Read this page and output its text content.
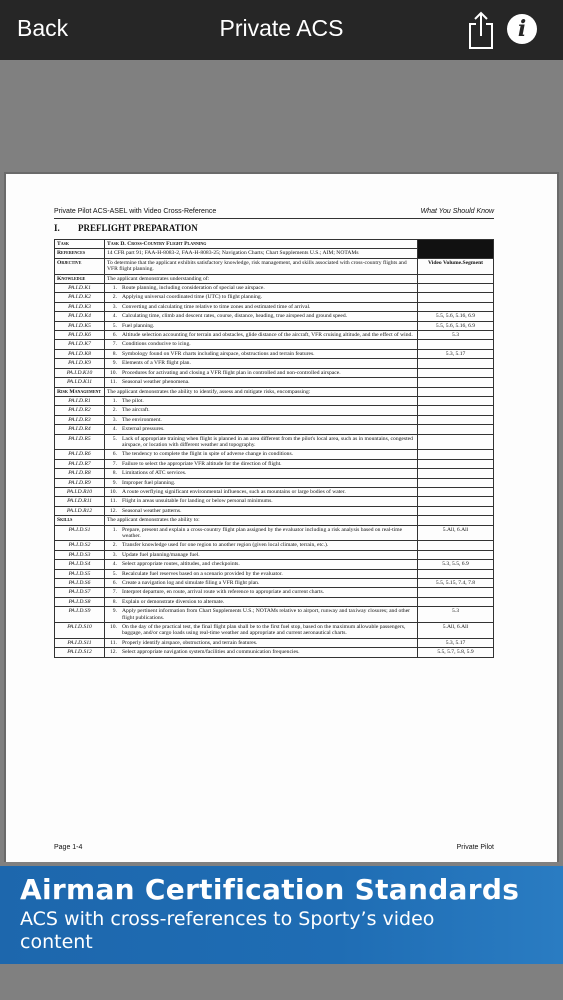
Back	Private ACS	i
Private Pilot ACS-ASEL with Video Cross-Reference	What You Should Know
I. PREFLIGHT PREPARATION
Task	Task D. Cross-Country Flight Planning	
References	14 CFR part 91; FAA-H-8083-2, FAA-H-8083-25; Navigation Charts; Chart Supplements U.S.; AIM; NOTAMs	
Objective	To determine that the applicant exhibits satisfactory knowledge, risk management, and skills associated with cross-country flights and VFR flight planning.	Video Volume.Segment
Knowledge	The applicant demonstrates understanding of:	
PA.I.D.K1	1. Route planning, including consideration of special use airspace.	

PA.I.D.K2	2. Applying universal coordinated time (UTC) to flight planning.	

PA.I.D.K3	3. Converting and calculating time relative to time zones and estimated time of arrival.	

PA.I.D.K4	4. Calculating time, climb and descent rates, course, distance, heading, true airspeed and ground speed.	5.5, 5.6, 5.16, 6.9
PA.I.D.K5	5. Fuel planning.	5.5, 5.6, 5.16, 6.9
PA.I.D.K6	6. Altitude selection accounting for terrain and obstacles, glide distance of the aircraft, VFR cruising altitude, and the effect of wind.	5.3
PA.I.D.K7	7. Conditions conducive to icing.	

PA.I.D.K8	8. Symbology found on VFR charts including airspace, obstructions and terrain features.	5.3, 5.17
PA.I.D.K9	9. Elements of a VFR flight plan.	

PA.I.D.K10	10. Procedures for activating and closing a VFR flight plan in controlled and non-controlled airspace.	

PA.I.D.K11	11. Seasonal weather phenomena.	

Risk Management	The applicant demonstrates the ability to identify, assess and mitigate risks, encompassing:	
PA.I.D.R1	1. The pilot.	

PA.I.D.R2	2. The aircraft.	

PA.I.D.R3	3. The environment.	

PA.I.D.R4	4. External pressures.	

PA.I.D.R5	5. Lack of appropriate training when flight is planned in an area different from the pilot's local area, such as in mountains, congested airspace, or location with different weather and topography.	

PA.I.D.R6	6. The tendency to complete the flight in spite of adverse change in conditions.	

PA.I.D.R7	7. Failure to select the appropriate VFR altitude for the direction of flight.	

PA.I.D.R8	8. Limitations of ATC services.	

PA.I.D.R9	9. Improper fuel planning.	

PA.I.D.R10	10. A route overflying significant environmental influences, such as mountains or large bodies of water.	

PA.I.D.R11	11. Flight in areas unsuitable for landing or below personal minimums.	

PA.I.D.R12	12. Seasonal weather patterns.	

Skills	The applicant demonstrates the ability to:	
PA.I.D.S1	1. Prepare, present and explain a cross-country flight plan assigned by the evaluator including a risk analysis based on real-time weather.	5.All, 6.All
PA.I.D.S2	2. Transfer knowledge used for one region to another region (given local climate, terrain, etc.).	

PA.I.D.S3	3. Update fuel planning/manage fuel.	

PA.I.D.S4	4. Select appropriate routes, altitudes, and checkpoints.	5.3, 5.5, 6.9
PA.I.D.S5	5. Recalculate fuel reserves based on a scenario provided by the evaluator.	

PA.I.D.S6	6. Create a navigation log and simulate filing a VFR flight plan.	5.5, 5.15, 7.4, 7.8
PA.I.D.S7	7. Interpret departure, en route, arrival route with reference to appropriate and current charts.	

PA.I.D.S8	8. Explain or demonstrate diversion to alternate.	

PA.I.D.S9	9. Apply pertinent information from Chart Supplements U.S.; NOTAMs relative to airport, runway and taxiway closures; and other flight publications.	5.3
PA.I.D.S10	10. On the day of the practical test, the final flight plan shall be to the first fuel stop, based on the maximum allowable passengers, baggage, and/or cargo loads using real-time weather and appropriate and current aeronautical charts.	5.All, 6.All
PA.I.D.S11	11. Properly identify airspace, obstructions, and terrain features.	5.3, 5.17
PA.I.D.S12	12. Select appropriate navigation system/facilities and communication frequencies.	5.5, 5.7, 5.8, 5.9
Page 1-4	Private Pilot
Airman Certification Standards
ACS with cross-references to Sporty’s video content
